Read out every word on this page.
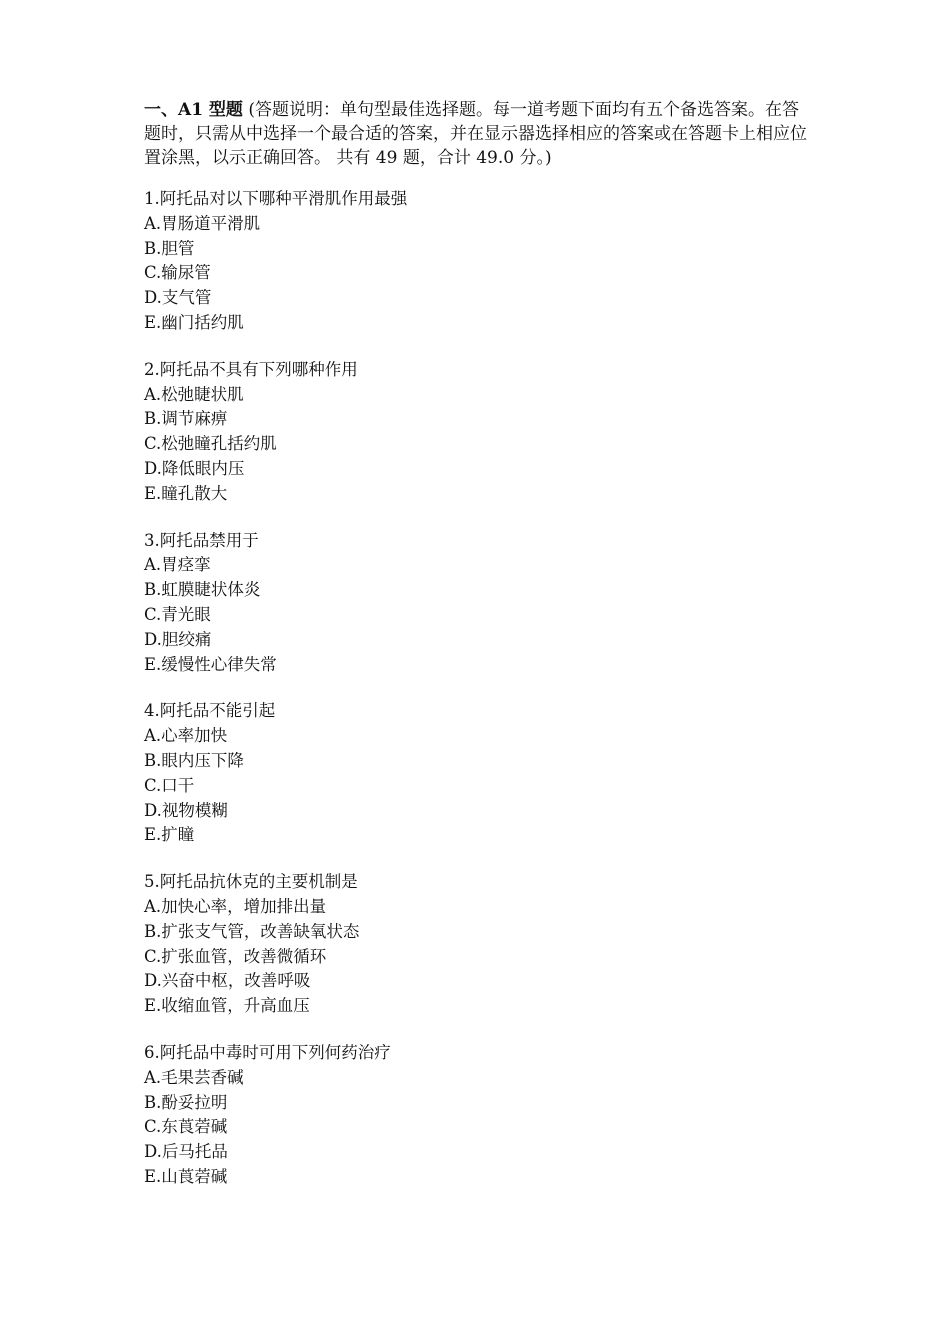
一、A1 型题 (答题说明：单句型最佳选择题。每一道考题下面均有五个备选答案。在答题时，只需从中选择一个最合适的答案，并在显示器选择相应的答案或在答题卡上相应位置涂黑，以示正确回答。 共有 49 题，合计 49.0 分。)

1.阿托品对以下哪种平滑肌作用最强
A.胃肠道平滑肌
B.胆管
C.输尿管
D.支气管
E.幽门括约肌
2.阿托品不具有下列哪种作用
A.松弛睫状肌
B.调节麻痹
C.松弛瞳孔括约肌
D.降低眼内压
E.瞳孔散大
3.阿托品禁用于
A.胃痉挛
B.虹膜睫状体炎
C.青光眼
D.胆绞痛
E.缓慢性心律失常
4.阿托品不能引起
A.心率加快
B.眼内压下降
C.口干
D.视物模糊
E.扩瞳
5.阿托品抗休克的主要机制是
A.加快心率，增加排出量
B.扩张支气管，改善缺氧状态
C.扩张血管，改善微循环
D.兴奋中枢，改善呼吸
E.收缩血管，升高血压
6.阿托品中毒时可用下列何药治疗
A.毛果芸香碱
B.酚妥拉明
C.东莨菪碱
D.后马托品
E.山莨菪碱
